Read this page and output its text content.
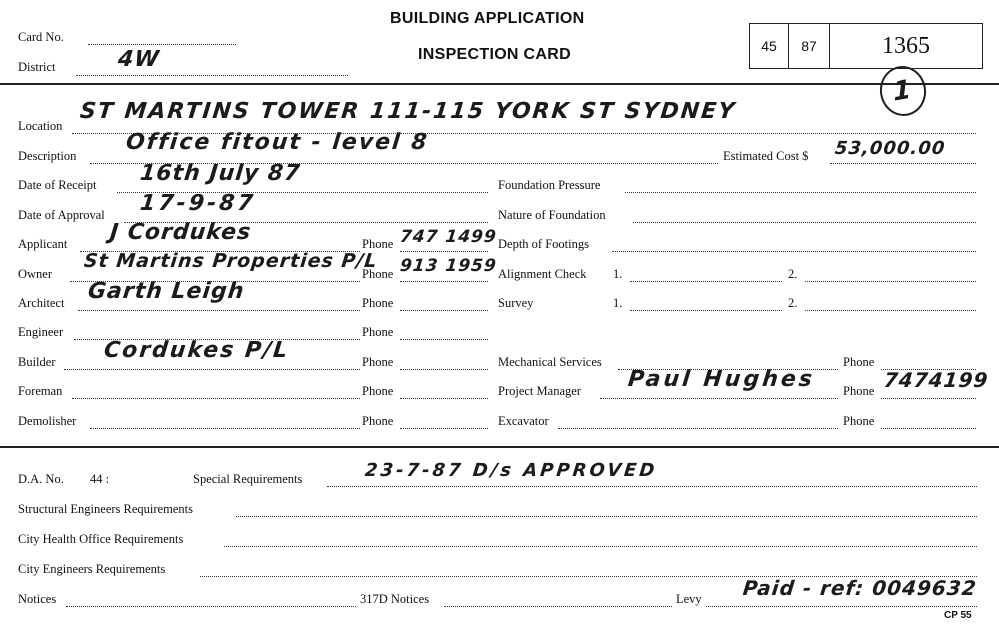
Card No.
District	4W
BUILDING APPLICATION
INSPECTION CARD	45	87	1365
1
Location
ST MARTINS TOWER 111-115 YORK ST SYDNEY
Description
Office fitout - level 8
Estimated Cost $ 53,000.00
Date of Receipt 16th July 87
Date of Approval 17-9-87
Applicant J Cordukes	Phone 747 1499
Owner
St Martins Properties P/L
Phone 913 1959
Architect Garth Leigh	Phone
Engineer	Phone
Builder Cordukes P/L	Phone
Foreman	Phone
Demolisher	Phone
Foundation Pressure
Nature of Foundation
Depth of Footings
Alignment Check 1.	2.
Survey	1.	2.
Mechanical Services	Phone
Project Manager Paul Hughes Phone 7474199
Excavator	Phone
D.A. No. 44 :	Special Requirements	23-7-87 D/s APPROVED
Structural Engineers Requirements
City Health Office Requirements
City Engineers Requirements
Notices	317D Notices	Levy Paid - ref: 0049632
CP 55
